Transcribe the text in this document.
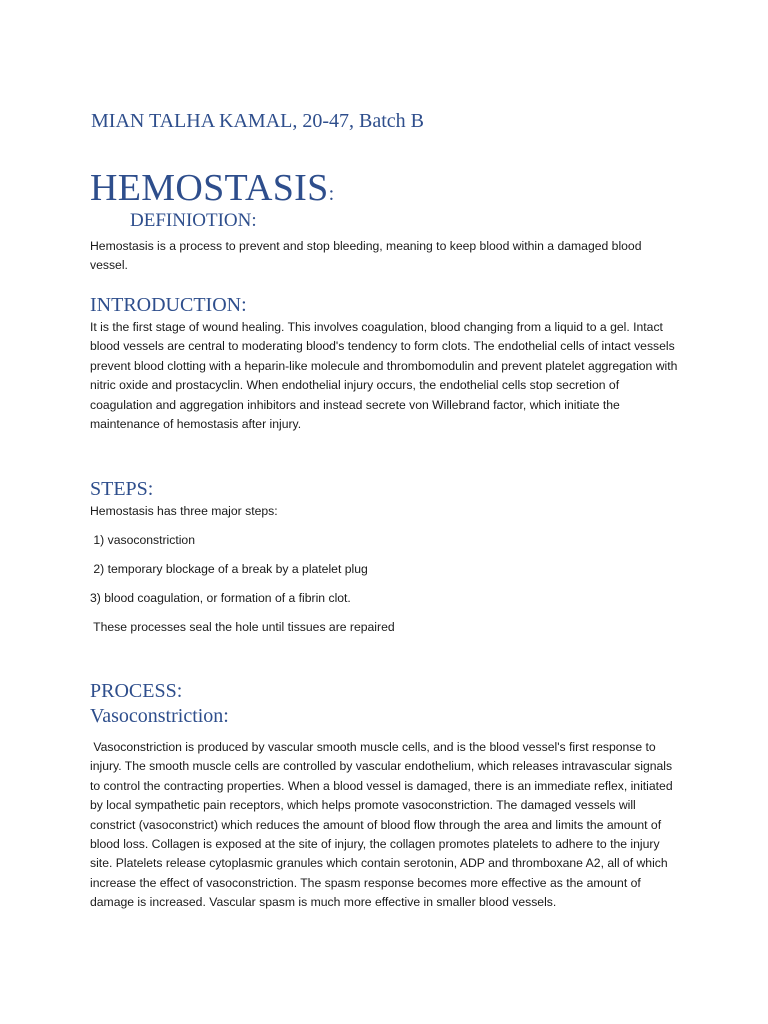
MIAN TALHA KAMAL, 20-47, Batch B
HEMOSTASIS:
DEFINIOTION:

Hemostasis is a process to prevent and stop bleeding, meaning to keep blood within a damaged blood vessel.

INTRODUCTION:

It is the first stage of wound healing. This involves coagulation, blood changing from a liquid to a gel. Intact blood vessels are central to moderating blood's tendency to form clots. The endothelial cells of intact vessels prevent blood clotting with a heparin-like molecule and thrombomodulin and prevent platelet aggregation with nitric oxide and prostacyclin. When endothelial injury occurs, the endothelial cells stop secretion of coagulation and aggregation inhibitors and instead secrete von Willebrand factor, which initiate the maintenance of hemostasis after injury.

STEPS:
Hemostasis has three major steps:
1) vasoconstriction
2) temporary blockage of a break by a platelet plug
3) blood coagulation, or formation of a fibrin clot.
These processes seal the hole until tissues are repaired
PROCESS:
Vasoconstriction:

Vasoconstriction is produced by vascular smooth muscle cells, and is the blood vessel's first response to injury. The smooth muscle cells are controlled by vascular endothelium, which releases intravascular signals to control the contracting properties. When a blood vessel is damaged, there is an immediate reflex, initiated by local sympathetic pain receptors, which helps promote vasoconstriction. The damaged vessels will constrict (vasoconstrict) which reduces the amount of blood flow through the area and limits the amount of blood loss. Collagen is exposed at the site of injury, the collagen promotes platelets to adhere to the injury site. Platelets release cytoplasmic granules which contain serotonin, ADP and thromboxane A2, all of which increase the effect of vasoconstriction. The spasm response becomes more effective as the amount of damage is increased. Vascular spasm is much more effective in smaller blood vessels.
